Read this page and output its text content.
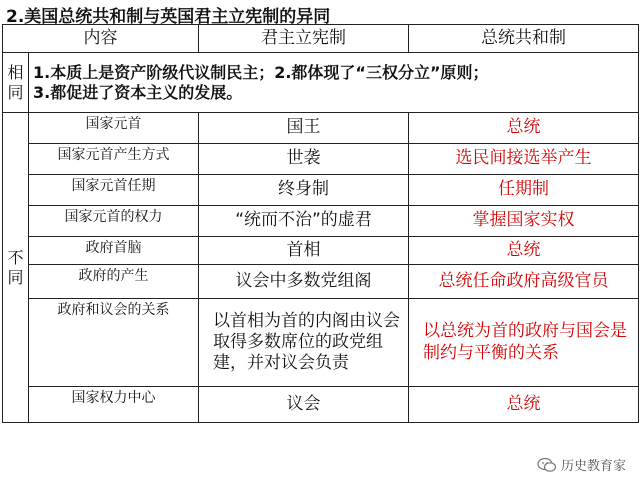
2.美国总统共和制与英国君主立宪制的异同
内容		君主立宪制	总统共和制
相同	1.本质上是资产阶级代议制民主；2.都体现了“三权分立”原则；
3.都促进了资本主义的发展。		

不同	国家元首	国王	总统
	国家元首产生方式	世袭	选民间接选举产生
	国家元首任期	终身制	任期制
	国家元首的权力	“统而不治”的虚君	掌握国家实权
	政府首脑	首相	总统
	政府的产生	议会中多数党组阁	总统任命政府高级官员
	政府和议会的关系	以首相为首的内阁由议会取得多数席位的政党组建，并对议会负责	以总统为首的政府与国会是制约与平衡的关系
	国家权力中心	议会	总统
历史教育家
